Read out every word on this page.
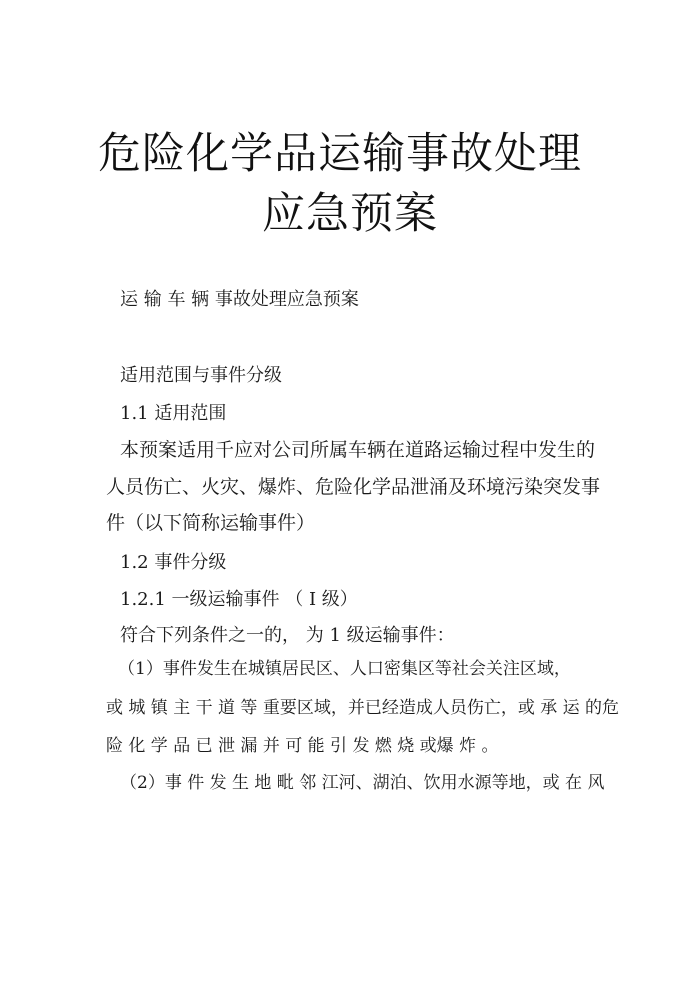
危险化学品运输事故处理
应急预案
运 输 车 辆 事故处理应急预案
适用范围与事件分级
1.1 适用范围
本预案适用千应对公司所属车辆在道路运输过程中发生的
人员伤亡、火灾、爆炸、危险化学品泄涌及环境污染突发事
件（以下简称运输事件）
1.2 事件分级
1.2.1 一级运输事件 （ I 级）
符合下列条件之一的， 为 1 级运输事件：
（1）事件发生在城镇居民区、人口密集区等社会关注区域，
或 城 镇 主 干 道 等 重要区域，并已经造成人员伤亡，或 承 运 的危
险 化 学 品 已 泄 漏 并 可 能 引 发 燃 烧 或爆 炸 。
（2）事 件 发 生 地 毗 邻 江河、湖泊、饮用水源等地，或 在 风
